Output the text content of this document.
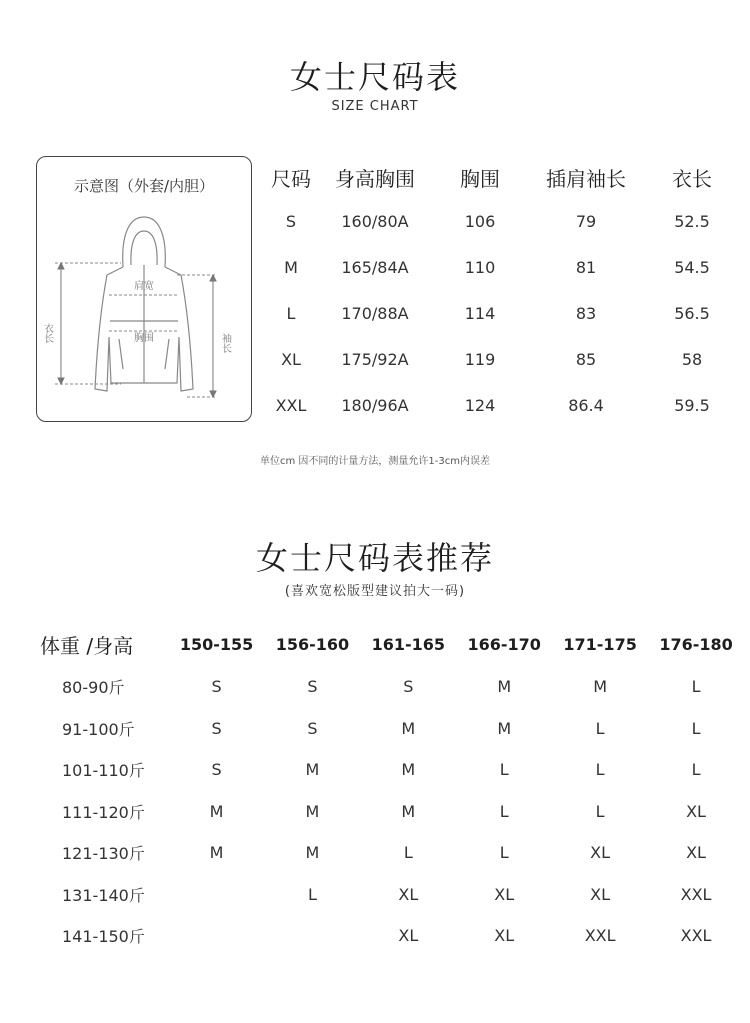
女士尺码表
SIZE CHART
示意图（外套/内胆）
肩宽
胸围
衣长	袖长
尺码	身高胸围	胸围	插肩袖长	衣长
S	160/80A	106	79	52.5
M	165/84A	110	81	54.5
L	170/88A	114	83	56.5
XL	175/92A	119	85	58
XXL	180/96A	124	86.4	59.5
单位cm 因不同的计量方法，测量允许1-3cm内误差
女士尺码表推荐
(喜欢宽松版型建议拍大一码)
体重 /身高	150-155	156-160	161-165	166-170	171-175	176-180
80-90斤	S	S	S	M	M	L
91-100斤	S	S	M	M	L	L
101-110斤	S	M	M	L	L	L
111-120斤	M	M	M	L	L	XL
121-130斤	M	M	L	L	XL	XL
131-140斤		L	XL	XL	XL	XXL
141-150斤			XL	XL	XXL	XXL
